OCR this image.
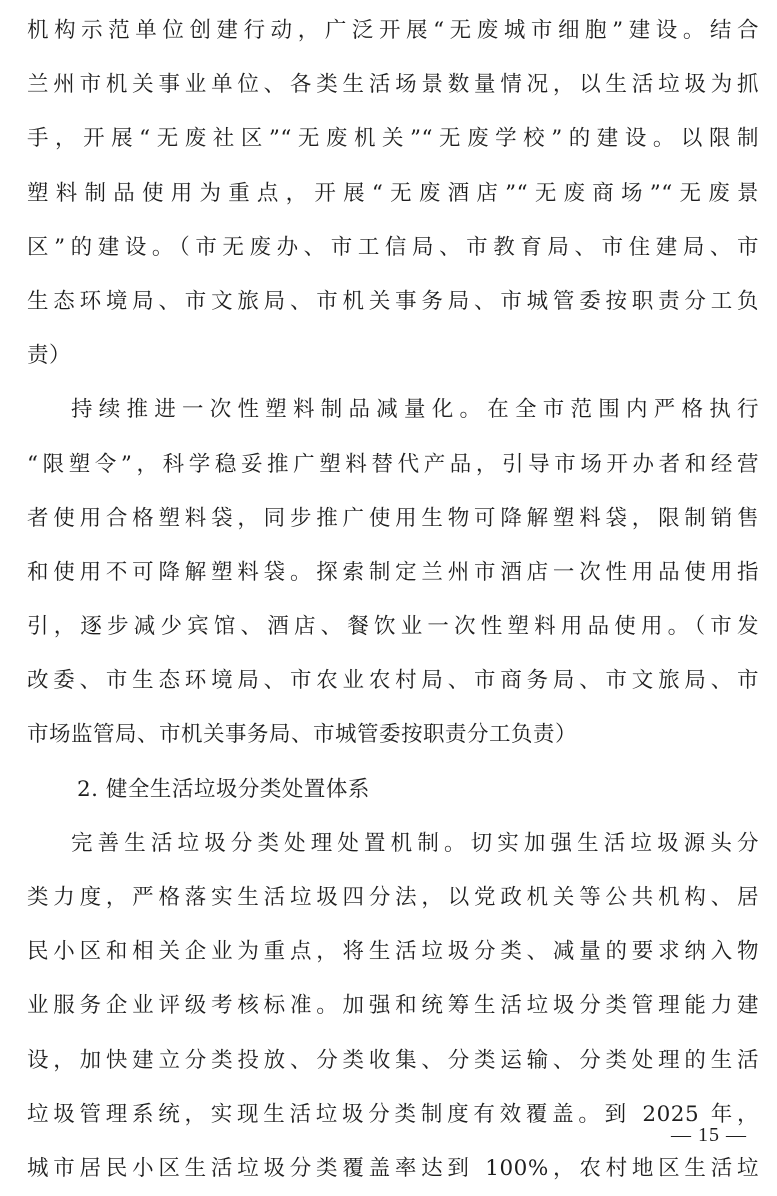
机构示范单位创建行动，广泛开展“无废城市细胞”建设。结合
兰州市机关事业单位、各类生活场景数量情况，以生活垃圾为抓
手，开展“无废社区”“无废机关”“无废学校”的建设。以限制
塑料制品使用为重点，开展“无废酒店”“无废商场”“无废景
区”的建设。（市无废办、市工信局、市教育局、市住建局、市
生态环境局、市文旅局、市机关事务局、市城管委按职责分工负
责）
持续推进一次性塑料制品减量化。在全市范围内严格执行
“限塑令”，科学稳妥推广塑料替代产品，引导市场开办者和经营
者使用合格塑料袋，同步推广使用生物可降解塑料袋，限制销售
和使用不可降解塑料袋。探索制定兰州市酒店一次性用品使用指
引，逐步减少宾馆、酒店、餐饮业一次性塑料用品使用。（市发
改委、市生态环境局、市农业农村局、市商务局、市文旅局、市
市场监管局、市机关事务局、市城管委按职责分工负责）
2. 健全生活垃圾分类处置体系
完善生活垃圾分类处理处置机制。切实加强生活垃圾源头分
类力度，严格落实生活垃圾四分法，以党政机关等公共机构、居
民小区和相关企业为重点，将生活垃圾分类、减量的要求纳入物
业服务企业评级考核标准。加强和统筹生活垃圾分类管理能力建
设，加快建立分类投放、分类收集、分类运输、分类处理的生活
垃圾管理系统，实现生活垃圾分类制度有效覆盖。到 2025 年，
城市居民小区生活垃圾分类覆盖率达到 100%，农村地区生活垃
— 15 —
